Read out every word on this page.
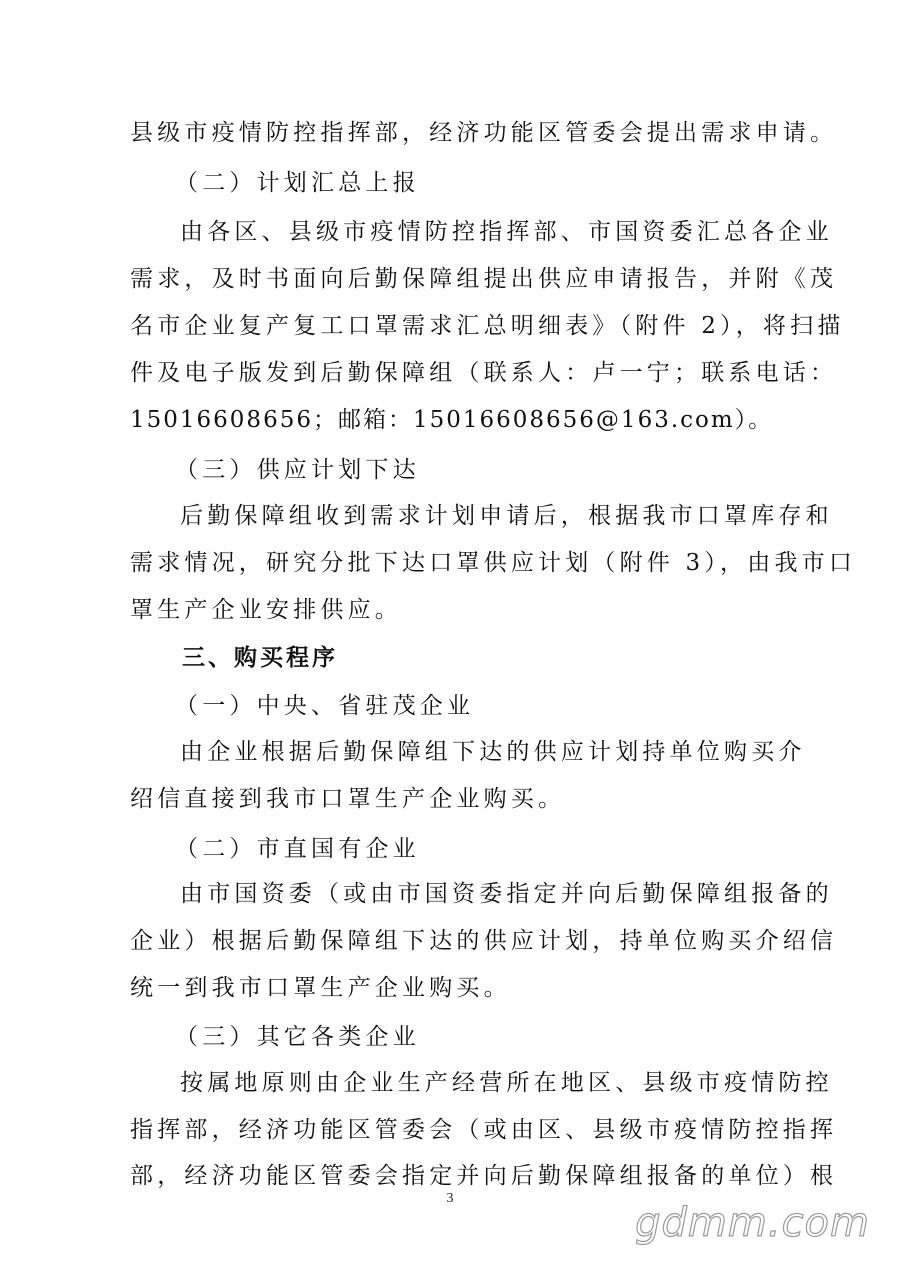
县级市疫情防控指挥部，经济功能区管委会提出需求申请。
（二）计划汇总上报
由各区、县级市疫情防控指挥部、市国资委汇总各企业
需求，及时书面向后勤保障组提出供应申请报告，并附《茂
名市企业复产复工口罩需求汇总明细表》（附件 2），将扫描
件及电子版发到后勤保障组（联系人：卢一宁；联系电话：
15016608656；邮箱：15016608656@163.com）。
（三）供应计划下达
后勤保障组收到需求计划申请后，根据我市口罩库存和
需求情况，研究分批下达口罩供应计划（附件 3），由我市口
罩生产企业安排供应。
三、购买程序
（一）中央、省驻茂企业
由企业根据后勤保障组下达的供应计划持单位购买介
绍信直接到我市口罩生产企业购买。
（二）市直国有企业
由市国资委（或由市国资委指定并向后勤保障组报备的
企业）根据后勤保障组下达的供应计划，持单位购买介绍信
统一到我市口罩生产企业购买。
（三）其它各类企业
按属地原则由企业生产经营所在地区、县级市疫情防控
指挥部，经济功能区管委会（或由区、县级市疫情防控指挥
部，经济功能区管委会指定并向后勤保障组报备的单位）根
3
gdmm.com
